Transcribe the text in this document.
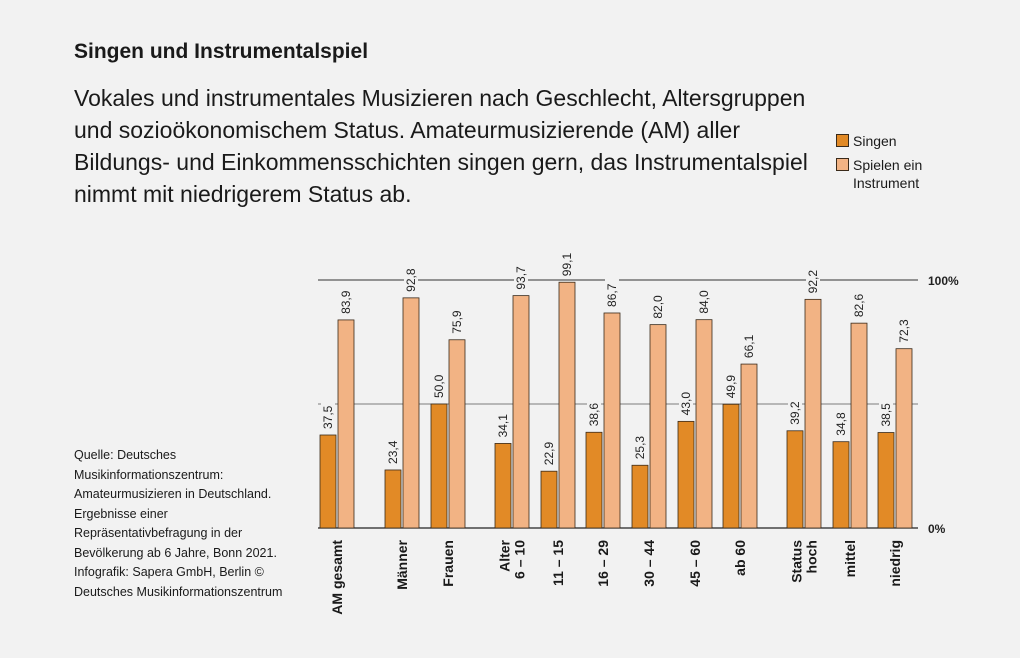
Singen und Instrumentalspiel

Vokales und instrumentales Musizieren nach Geschlecht, Altersgruppen und sozioökonomischem Status. Amateurmusizierende (AM) aller Bildungs- und Einkommensschichten singen gern, das Instrumentalspiel nimmt mit niedrigerem Status ab.

Singen
Spielen ein Instrument
Quelle: Deutsches Musikinformationszentrum: Amateurmusizieren in Deutschland. Ergebnisse einer Repräsentativbefragung in der Bevölkerung ab 6 Jahre, Bonn 2021. Infografik: Sapera GmbH, Berlin © Deutsches Musikinformationszentrum
100%
0%
37,5
83,9
AM gesamt
23,4
92,8
Männer
50,0
75,9
Frauen
34,1
93,7
Alter 6 – 10
22,9
99,1
11 – 15
38,6
86,7
16 – 29
25,3
82,0
30 – 44
43,0
84,0
45 – 60
49,9
66,1
ab 60
39,2
92,2
Status hoch
34,8
82,6
mittel
38,5
72,3
niedrig
